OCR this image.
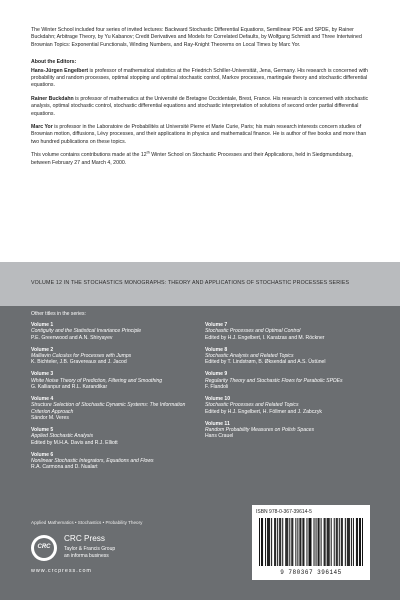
The Winter School included four series of invited lectures: Backward Stochastic Differential Equations, Semilinear PDE and SPDE, by Rainer Buckdahn; Arbitrage Theory, by Yu Kabanov; Credit Derivatives and Models for Correlated Defaults, by Wolfgang Schmidt and Three Intertwined Brownian Topics: Exponential Functionals, Winding Numbers, and Ray-Knight Theorems on Local Times by Marc Yor.

About the Editors:

Hans-Jürgen Engelbert is professor of mathematical statistics at the Friedrich Schiller-Universität, Jena, Germany. His research is concerned with probability and random processes, optimal stopping and optimal stochastic control, Markov processes, martingale theory and stochastic differential equations.

Rainer Buckdahn is professor of mathematics at the Université de Bretagne Occidentale, Brest, France. His research is concerned with stochastic analysis, optimal stochastic control, stochastic differential equations and stochastic interpretation of solutions of second order partial differential equations.

Marc Yor is professor in the Laboratoire de Probabilités at Université Pierre et Marie Curie, Paris; his main research interests concern studies of Brownian motion, diffusions, Lévy processes, and their applications in physics and mathematical finance. He is author of five books and more than two hundred publications on these topics.

This volume contains contributions made at the 12th Winter School on Stochastic Processes and their Applications, held in Siedgmundsburg, between February 27 and March 4, 2000.

VOLUME 12 IN THE STOCHASTICS MONOGRAPHS: THEORY AND APPLICATIONS OF STOCHASTIC PROCESSES SERIES
Other titles in the series:
Volume 1
Contiguity and the Statistical Invariance Principle
P.E. Greenwood and A.N. Shiryayev
Volume 2
Malliavin Calculus for Processes with Jumps
K. Bichteler, J.B. Gravereaux and J. Jacod
Volume 3
White Noise Theory of Prediction, Filtering and Smoothing
G. Kallianpur and R.L. Karandikar
Volume 4
Structure Selection of Stochastic Dynamic Systems: The Information Criterion Approach
Sándor M. Veres
Volume 5
Applied Stochastic Analysis
Edited by M.H.A. Davis and R.J. Elliott
Volume 6
Nonlinear Stochastic Integrators, Equations and Flows
R.A. Carmona and D. Nualart
Volume 7
Stochastic Processes and Optimal Control
Edited by H.J. Engelbert, I. Karatzas and M. Röckner
Volume 8
Stochastic Analysis and Related Topics
Edited by T. Lindstrøm, B. Øksendal and A.S. Üstünel
Volume 9
Regularity Theory and Stochastic Flows for Parabolic SPDEs
F. Flandoli
Volume 10
Stochastic Processes and Related Topics
Edited by H.J. Engelbert, H. Föllmer and J. Zabczyk
Volume 11
Random Probability Measures on Polish Spaces
Hans Crauel
Applied Mathematics • Stochastics • Probability Theory
CRC
CRC Press
Taylor & Francis Group
an informa business
www.crcpress.com
ISBN 978-0-367-39614-5
9 780367 396145
